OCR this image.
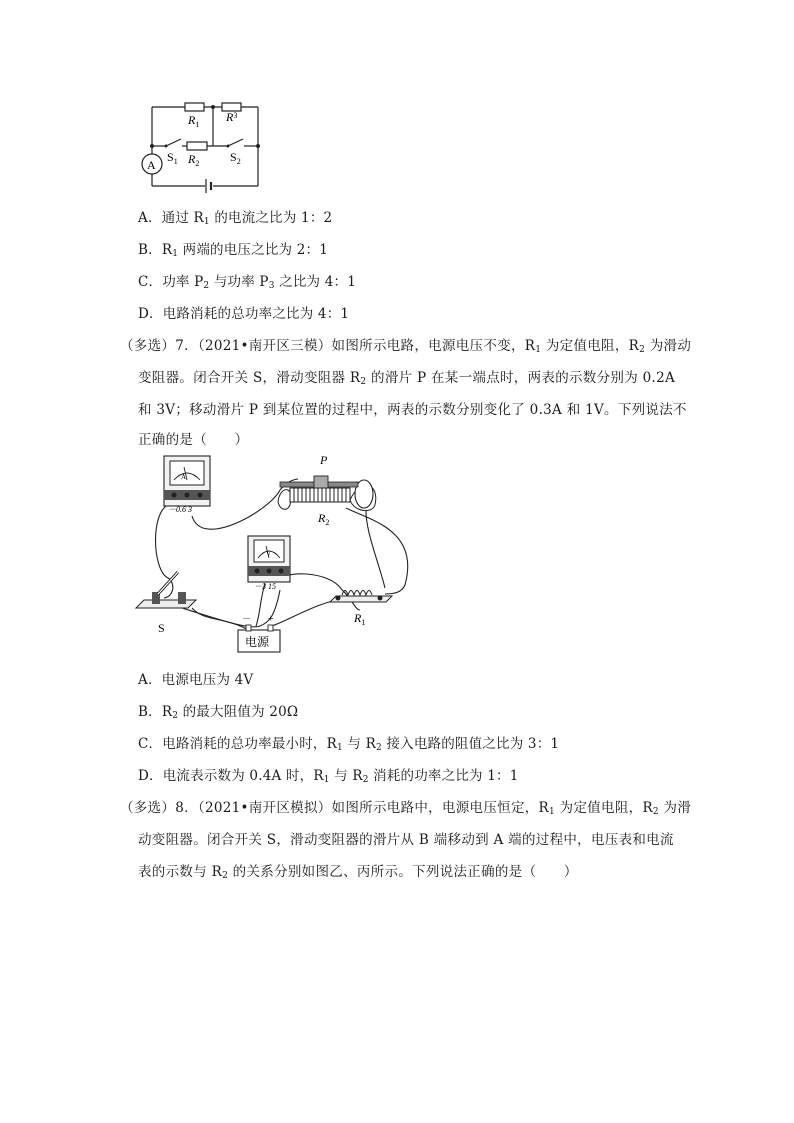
A
$R_1$
$R^3$
$R_2$
$S_1$	$S_2$
A．通过 $R_1$ 的电流之比为 1：2
B．$R_1$ 两端的电压之比为 2：1
C．功率 $P_2$ 与功率 $P_3$ 之比为 4：1
D．电路消耗的总功率之比为 4：1
（多选）7．（2021•南开区三模）如图所示电路，电源电压不变，$R_1$ 为定值电阻，$R_2$ 为滑动
变阻器。闭合开关 S，滑动变阻器 $R_2$ 的滑片 P 在某一端点时，两表的示数分别为 0.2A
和 3V；移动滑片 P 到某位置的过程中，两表的示数分别变化了 0.3A 和 1V。下列说法不
正确的是（　　）
A
－0.6 3
P
$R_2$
V
－3 15
S
$R_1$
－ +
电源
A．电源电压为 4V
B．$R_2$ 的最大阻值为 20Ω
C．电路消耗的总功率最小时，$R_1$ 与 $R_2$ 接入电路的阻值之比为 3：1
D．电流表示数为 0.4A 时，$R_1$ 与 $R_2$ 消耗的功率之比为 1：1
（多选）8．（2021•南开区模拟）如图所示电路中，电源电压恒定，$R_1$ 为定值电阻，$R_2$ 为滑
动变阻器。闭合开关 S，滑动变阻器的滑片从 B 端移动到 A 端的过程中，电压表和电流
表的示数与 $R_2$ 的关系分别如图乙、丙所示。下列说法正确的是（　　）
